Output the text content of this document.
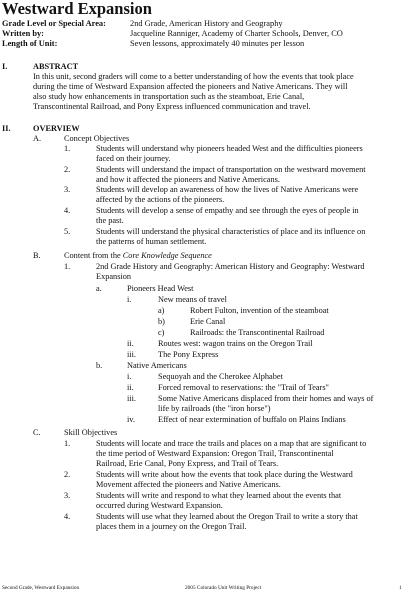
Westward Expansion
Grade Level or Special Area:	2nd Grade, American History and Geography
Written by:	Jacqueline Ranniger, Academy of Charter Schools, Denver, CO
Length of Unit:	Seven lessons, approximately 40 minutes per lesson
I.	ABSTRACT
In this unit, second graders will come to a better understanding of how the events that took place
during the time of Westward Expansion affected the pioneers and Native Americans. They will
also study how enhancements in transportation such as the steamboat, Erie Canal,
Transcontinental Railroad, and Pony Express influenced communication and travel.
II.	OVERVIEW
A.	Concept Objectives
1.	Students will understand why pioneers headed West and the difficulties pioneers
faced on their journey.
2.	Students will understand the impact of transportation on the westward movement
and how it affected the pioneers and Native Americans.
3.	Students will develop an awareness of how the lives of Native Americans were
affected by the actions of the pioneers.
4.	Students will develop a sense of empathy and see through the eyes of people in
the past.
5.	Students will understand the physical characteristics of place and its influence on
the patterns of human settlement.
B.	Content from the Core Knowledge Sequence
1.	2nd Grade History and Geography: American History and Geography: Westward
Expansion
a.	Pioneers Head West
i.	New means of travel
a)	Robert Fulton, invention of the steamboat
b)	Erie Canal
c)	Railroads: the Transcontinental Railroad
ii.	Routes west: wagon trains on the Oregon Trail
iii.	The Pony Express
b.	Native Americans
i.	Sequoyah and the Cherokee Alphabet
ii.	Forced removal to reservations: the "Trail of Tears"
iii.	Some Native Americans displaced from their homes and ways of
life by railroads (the "iron horse")
iv.	Effect of near extermination of buffalo on Plains Indians
C.	Skill Objectives
1.	Students will locate and trace the trails and places on a map that are significant to
the time period of Westward Expansion: Oregon Trail, Transcontinental
Railroad, Erie Canal, Pony Express, and Trail of Tears.
2.	Students will write about how the events that took place during the Westward
Movement affected the pioneers and Native Americans.
3.	Students will write and respond to what they learned about the events that
occurred during Westward Expansion.
4.	Students will use what they learned about the Oregon Trail to write a story that
places them in a journey on the Oregon Trail.
Second Grade, Westward Expansion	2005 Colorado Unit Writing Project	1
